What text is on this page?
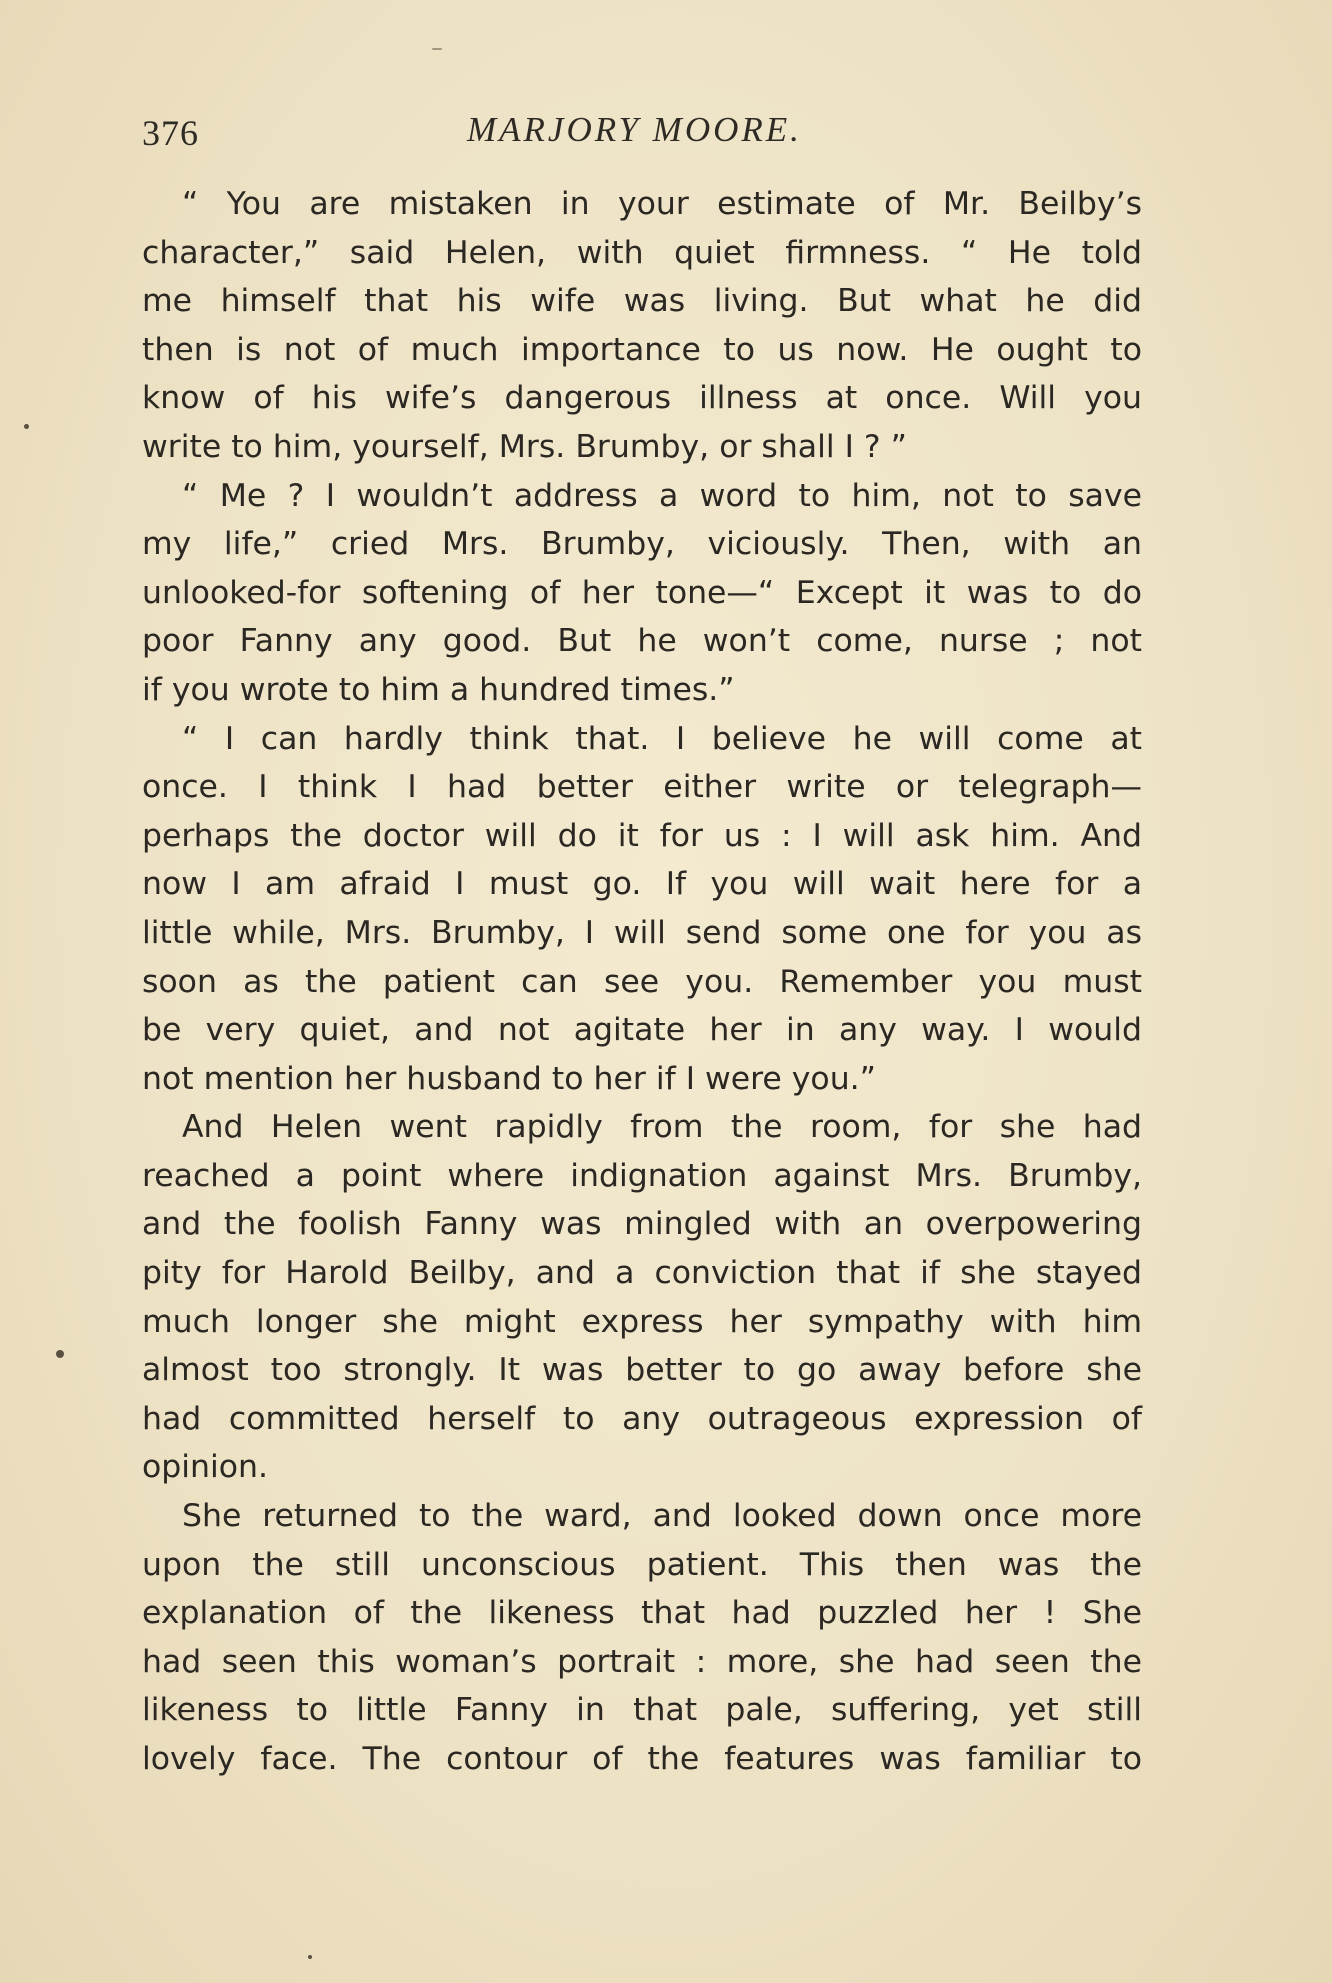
376	MARJORY MOORE.
“ You are mistaken in your estimate of Mr. Beilby’s
character,” said Helen, with quiet firmness. “ He told
me himself that his wife was living. But what he did
then is not of much importance to us now. He ought to
know of his wife’s dangerous illness at once. Will you
write to him, yourself, Mrs. Brumby, or shall I ? ”
“ Me ? I wouldn’t address a word to him, not to save
my life,” cried Mrs. Brumby, viciously. Then, with an
unlooked-for softening of her tone—“ Except it was to do
poor Fanny any good. But he won’t come, nurse ; not
if you wrote to him a hundred times.”
“ I can hardly think that. I believe he will come at
once. I think I had better either write or telegraph—
perhaps the doctor will do it for us : I will ask him. And
now I am afraid I must go. If you will wait here for a
little while, Mrs. Brumby, I will send some one for you as
soon as the patient can see you. Remember you must
be very quiet, and not agitate her in any way. I would
not mention her husband to her if I were you.”
And Helen went rapidly from the room, for she had
reached a point where indignation against Mrs. Brumby,
and the foolish Fanny was mingled with an overpowering
pity for Harold Beilby, and a conviction that if she stayed
much longer she might express her sympathy with him
almost too strongly. It was better to go away before she
had committed herself to any outrageous expression of
opinion.
She returned to the ward, and looked down once more
upon the still unconscious patient. This then was the
explanation of the likeness that had puzzled her ! She
had seen this woman’s portrait : more, she had seen the
likeness to little Fanny in that pale, suffering, yet still
lovely face. The contour of the features was familiar to
